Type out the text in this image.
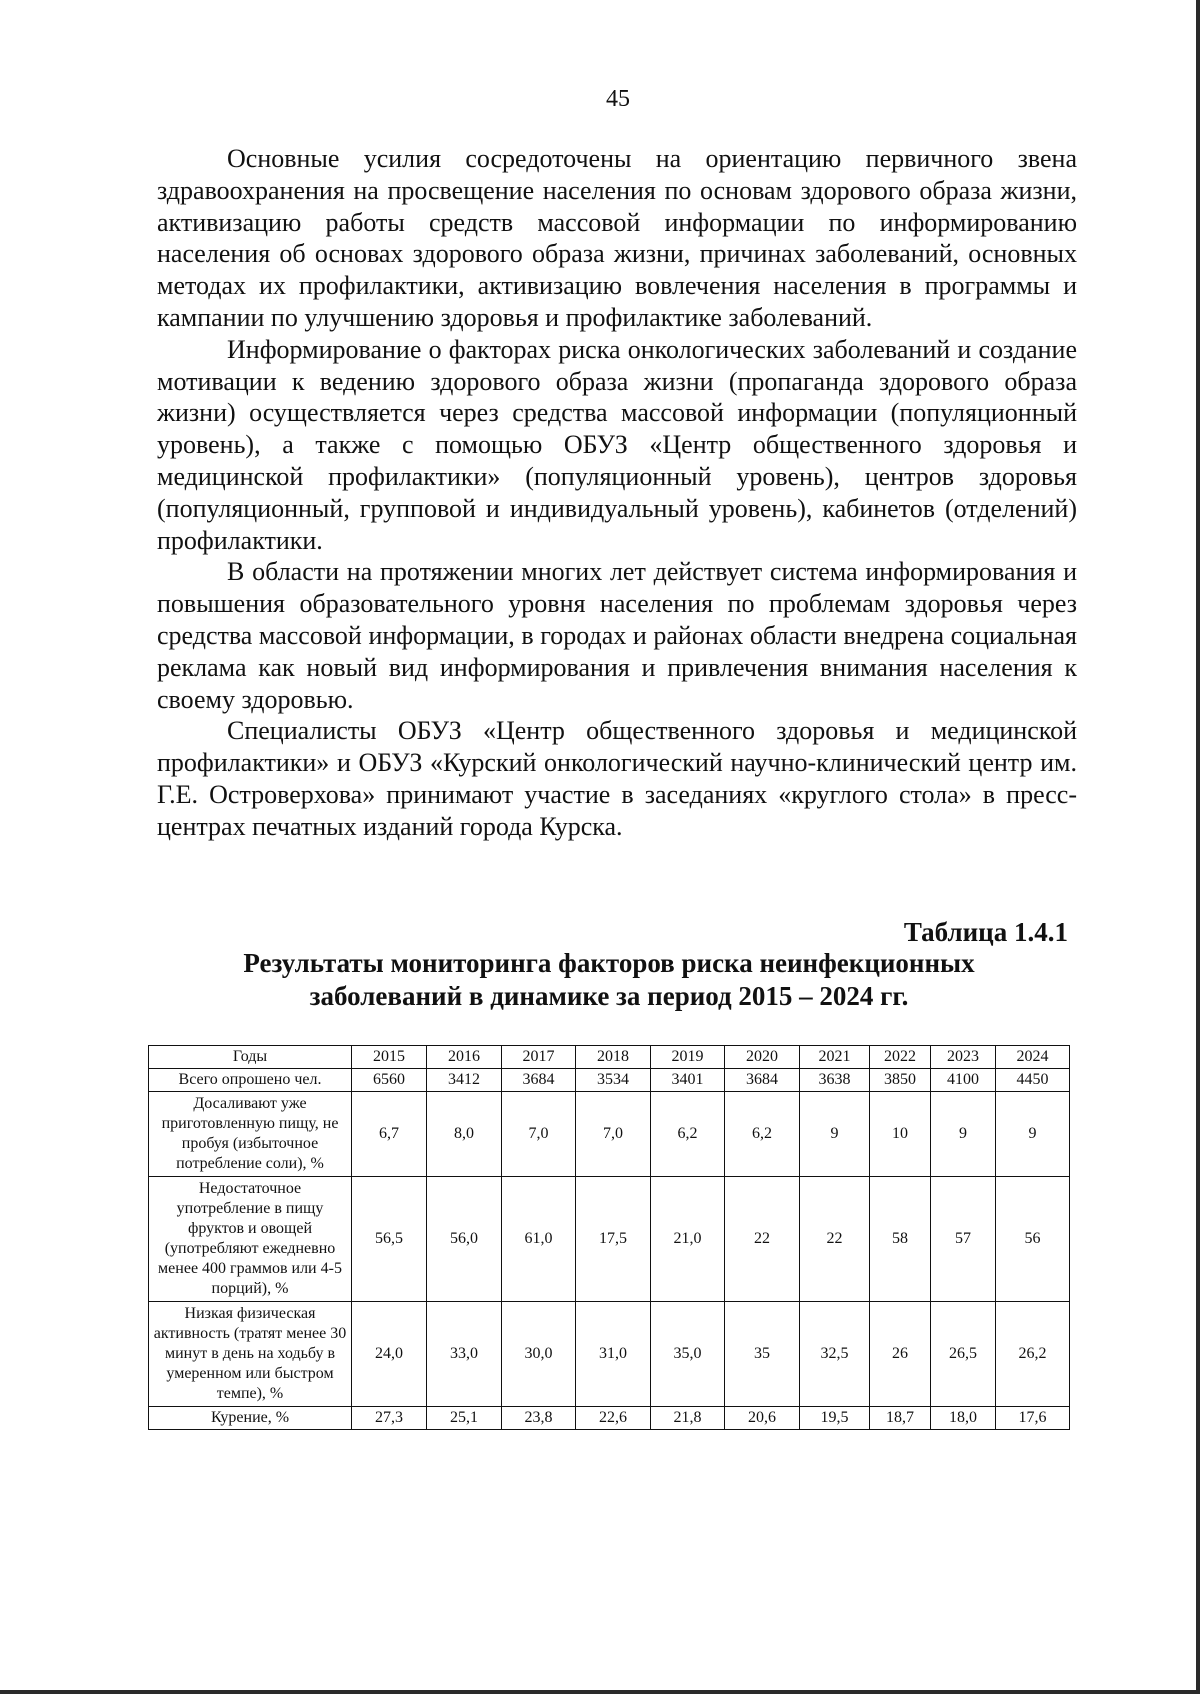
45

Основные усилия сосредоточены на ориентацию первичного звена здравоохранения на просвещение населения по основам здорового образа жизни, активизацию работы средств массовой информации по информированию населения об основах здорового образа жизни, причинах заболеваний, основных методах их профилактики, активизацию вовлечения населения в программы и кампании по улучшению здоровья и профилактике заболеваний.

Информирование о факторах риска онкологических заболеваний и создание мотивации к ведению здорового образа жизни (пропаганда здорового образа жизни) осуществляется через средства массовой информации (популяционный уровень), а также с помощью ОБУЗ «Центр общественного здоровья и медицинской профилактики» (популяционный уровень), центров здоровья (популяционный, групповой и индивидуальный уровень), кабинетов (отделений) профилактики.

В области на протяжении многих лет действует система информирования и повышения образовательного уровня населения по проблемам здоровья через средства массовой информации, в городах и районах области внедрена социальная реклама как новый вид информирования и привлечения внимания населения к своему здоровью.

Специалисты ОБУЗ «Центр общественного здоровья и медицинской профилактики» и ОБУЗ «Курский онкологический научно-клинический центр им. Г.Е. Островерхова» принимают участие в заседаниях «круглого стола» в пресс-центрах печатных изданий города Курска.

Таблица 1.4.1
Результаты мониторинга факторов риска неинфекционных заболеваний в динамике за период 2015 – 2024 гг.
Годы	2015	2016	2017	2018	2019	2020	2021	2022	2023	2024
Всего опрошено чел.	6560	3412	3684	3534	3401	3684	3638	3850	4100	4450
Досаливают уже приготовленную пищу, не пробуя (избыточное потребление соли), %	6,7	8,0	7,0	7,0	6,2	6,2	9	10	9	9
Недостаточное употребление в пищу фруктов и овощей (употребляют ежедневно менее 400 граммов или 4-5 порций), %	56,5	56,0	61,0	17,5	21,0	22	22	58	57	56
Низкая физическая активность (тратят менее 30 минут в день на ходьбу в умеренном или быстром темпе), %	24,0	33,0	30,0	31,0	35,0	35	32,5	26	26,5	26,2
Курение, %	27,3	25,1	23,8	22,6	21,8	20,6	19,5	18,7	18,0	17,6
